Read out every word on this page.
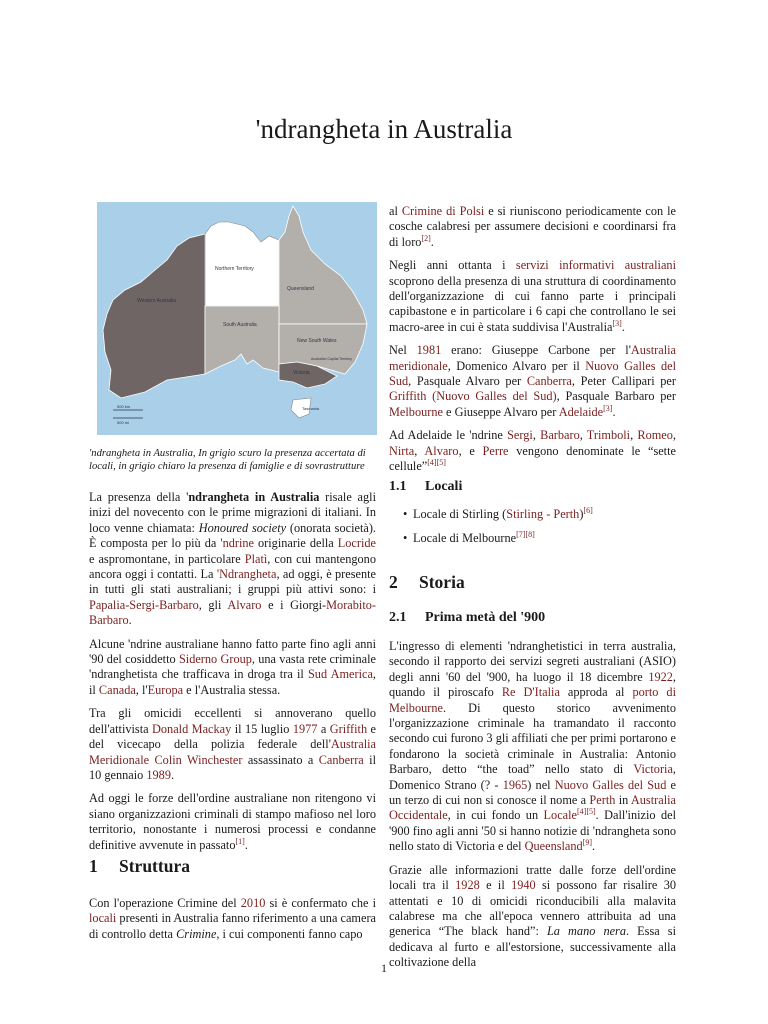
'ndrangheta in Australia
Northern Territory
Queensland
Western Australia
South Australia
New South Wales
Australian Capital Territory
Victoria
Tasmania
500 km
500 mi
'ndrangheta in Australia, In grigio scuro la presenza accertata di locali, in grigio chiaro la presenza di famiglie e di sovrastrutture

La presenza della 'ndrangheta in Australia risale agli inizi del novecento con le prime migrazioni di italiani. In loco venne chiamata: Honoured society (onorata società). È composta per lo più da 'ndrine originarie della Locride e aspromontane, in particolare Platì, con cui mantengono ancora oggi i contatti. La 'Ndrangheta, ad oggi, è presente in tutti gli stati australiani; i gruppi più attivi sono: i Papalia-Sergi-Barbaro, gli Alvaro e i Giorgi-Morabito-Barbaro.

Alcune 'ndrine australiane hanno fatto parte fino agli anni '90 del cosiddetto Siderno Group, una vasta rete criminale 'ndranghetista che trafficava in droga tra il Sud America, il Canada, l'Europa e l'Australia stessa.

Tra gli omicidi eccellenti si annoverano quello dell'attivista Donald Mackay il 15 luglio 1977 a Griffith e del vicecapo della polizia federale dell'Australia Meridionale Colin Winchester assassinato a Canberra il 10 gennaio 1989.

Ad oggi le forze dell'ordine australiane non ritengono vi siano organizzazioni criminali di stampo mafioso nel loro territorio, nonostante i numerosi processi e condanne definitive avvenute in passato[1].

1 Struttura

Con l'operazione Crimine del 2010 si è confermato che i locali presenti in Australia fanno riferimento a una camera di controllo detta Crimine, i cui componenti fanno capo

al Crimine di Polsi e si riuniscono periodicamente con le cosche calabresi per assumere decisioni e coordinarsi fra di loro[2].

Negli anni ottanta i servizi informativi australiani scoprono della presenza di una struttura di coordinamento dell'organizzazione di cui fanno parte i principali capibastone e in particolare i 6 capi che controllano le sei macro-aree in cui è stata suddivisa l'Australia[3].

Nel 1981 erano: Giuseppe Carbone per l'Australia meridionale, Domenico Alvaro per il Nuovo Galles del Sud, Pasquale Alvaro per Canberra, Peter Callipari per Griffith (Nuovo Galles del Sud), Pasquale Barbaro per Melbourne e Giuseppe Alvaro per Adelaide[3].

Ad Adelaide le 'ndrine Sergi, Barbaro, Trimboli, Romeo, Nirta, Alvaro, e Perre vengono denominate le “sette cellule”[4][5]

1.1 Locali
• Locale di Stirling (Stirling - Perth)[6]
• Locale di Melbourne[7][8]
2 Storia
2.1 Prima metà del '900

L'ingresso di elementi 'ndranghetistici in terra australia, secondo il rapporto dei servizi segreti australiani (ASIO) degli anni '60 del '900, ha luogo il 18 dicembre 1922, quando il piroscafo Re D'Italia approda al porto di Melbourne. Di questo storico avvenimento l'organizzazione criminale ha tramandato il racconto secondo cui furono 3 gli affiliati che per primi portarono e fondarono la società criminale in Australia: Antonio Barbaro, detto “the toad” nello stato di Victoria, Domenico Strano (? - 1965) nel Nuovo Galles del Sud e un terzo di cui non si conosce il nome a Perth in Australia Occidentale, in cui fondo un Locale[4][5]. Dall'inizio del '900 fino agli anni '50 si hanno notizie di 'ndrangheta sono nello stato di Victoria e del Queensland[9].

Grazie alle informazioni tratte dalle forze dell'ordine locali tra il 1928 e il 1940 si possono far risalire 30 attentati e 10 di omicidi riconducibili alla malavita calabrese ma che all'epoca vennero attribuita ad una generica “The black hand”: La mano nera. Essa si dedicava al furto e all'estorsione, successivamente alla coltivazione della

1
